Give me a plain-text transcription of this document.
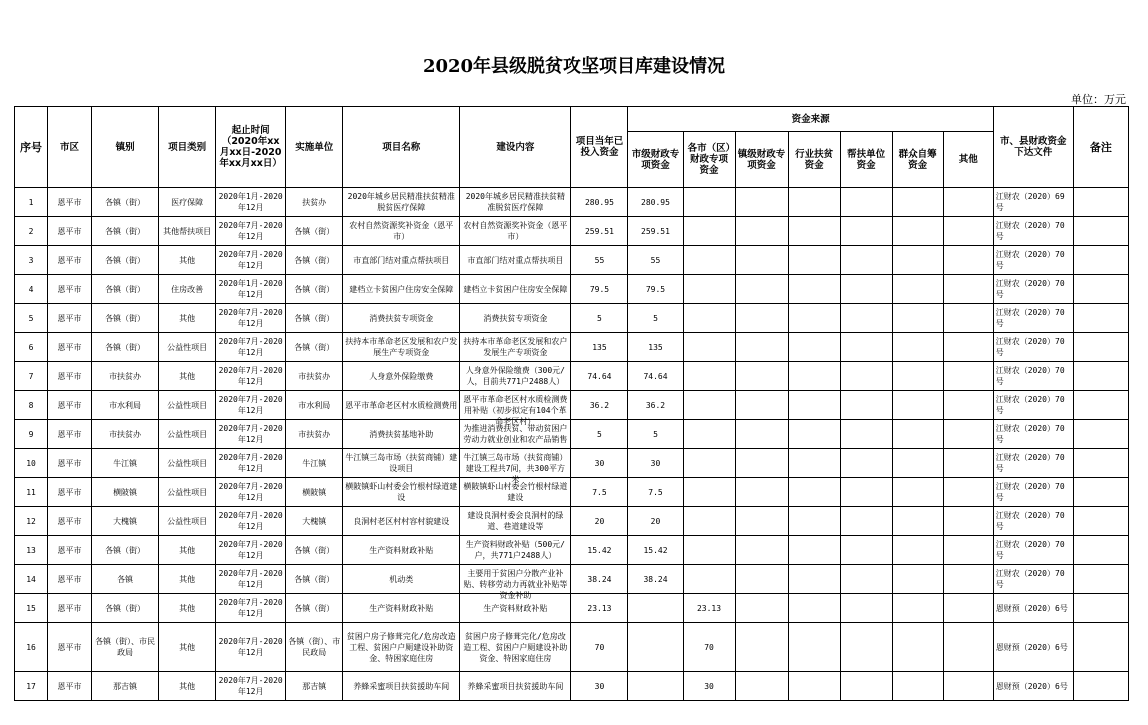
2020年县级脱贫攻坚项目库建设情况
单位：万元
序号	市区	镇别	项目类别	起止时间（2020年xx月xx日-2020年xx月xx日）	实施单位	项目名称	建设内容	项目当年已投入资金	资金来源							市、县财政资金下达文件	备注
									市级财政专项资金	各市（区）财政专项资金	镇级财政专项资金	行业扶贫资金	帮扶单位资金	群众自筹资金	其他		

1	恩平市	各镇（街）	医疗保障	2020年1月-2020年12月	扶贫办	2020年城乡居民精准扶贫精准脱贫医疗保障	2020年城乡居民精准扶贫精准脱贫医疗保障	280.95	280.95							江财农（2020）69号	

2	恩平市	各镇（街）	其他帮扶项目	2020年7月-2020年12月	各镇（街）	农村自然资源奖补资金（恩平市）	农村自然资源奖补资金（恩平市）	259.51	259.51							江财农（2020）70号	

3	恩平市	各镇（街）	其他	2020年7月-2020年12月	各镇（街）	市直部门结对重点帮扶项目	市直部门结对重点帮扶项目	55	55							江财农（2020）70号	

4	恩平市	各镇（街）	住房改善	2020年1月-2020年12月	各镇（街）	建档立卡贫困户住房安全保障	建档立卡贫困户住房安全保障	79.5	79.5							江财农（2020）70号	

5	恩平市	各镇（街）	其他	2020年7月-2020年12月	各镇（街）	消费扶贫专项资金	消费扶贫专项资金	5	5							江财农（2020）70号	

6	恩平市	各镇（街）	公益性项目	2020年7月-2020年12月	各镇（街）	扶持本市革命老区发展和农户发展生产专项资金	扶持本市革命老区发展和农户发展生产专项资金	135	135							江财农（2020）70号	

7	恩平市	市扶贫办	其他	2020年7月-2020年12月	市扶贫办	人身意外保险缴费	人身意外保险缴费（300元/人，目前共771户2488人）	74.64	74.64							江财农（2020）70号	

8	恩平市	市水利局	公益性项目	2020年7月-2020年12月	市水利局	恩平市革命老区村水质检测费用	恩平市革命老区村水质检测费用补贴（初步拟定有104个革命老区村）	36.2	36.2							江财农（2020）70号	

9	恩平市	市扶贫办	公益性项目	2020年7月-2020年12月	市扶贫办	消费扶贫基地补助	为推进消费扶贫、带动贫困户劳动力就业创业和农产品销售	5	5							江财农（2020）70号	

10	恩平市	牛江镇	公益性项目	2020年7月-2020年12月	牛江镇	牛江镇三岛市场（扶贫商铺）建设项目	牛江镇三岛市场（扶贫商铺）建设工程共7间，共300平方米	30	30							江财农（2020）70号	

11	恩平市	横陂镇	公益性项目	2020年7月-2020年12月	横陂镇	横陂镇虾山村委会竹根村绿道建设	横陂镇虾山村委会竹根村绿道建设	7.5	7.5							江财农（2020）70号	

12	恩平市	大槐镇	公益性项目	2020年7月-2020年12月	大槐镇	良洞村老区村村容村貌建设	建设良洞村委会良洞村的绿道、巷道建设等	20	20							江财农（2020）70号	

13	恩平市	各镇（街）	其他	2020年7月-2020年12月	各镇（街）	生产资料财政补贴	生产资料财政补贴（500元/户，共771户2488人）	15.42	15.42							江财农（2020）70号	

14	恩平市	各镇	其他	2020年7月-2020年12月	各镇（街）	机动类	主要用于贫困户分散产业补贴、转移劳动力再就业补贴等资金补助	38.24	38.24							江财农（2020）70号	

15	恩平市	各镇（街）	其他	2020年7月-2020年12月	各镇（街）	生产资料财政补贴	生产资料财政补贴	23.13		23.13						恩财预（2020）6号	

16	恩平市	各镇（街）、市民政局	其他	2020年7月-2020年12月	各镇（街）、市民政局	贫困户房子修葺完化/危房改造工程、贫困户户厕建设补助资金、特困家庭住房	贫困户房子修葺完化/危房改造工程、贫困户户厕建设补助资金、特困家庭住房	70		70						恩财预（2020）6号	

17	恩平市	那吉镇	其他	2020年7月-2020年12月	那吉镇	养蜂采蜜项目扶贫援助车间	养蜂采蜜项目扶贫援助车间	30		30						恩财预（2020）6号	
